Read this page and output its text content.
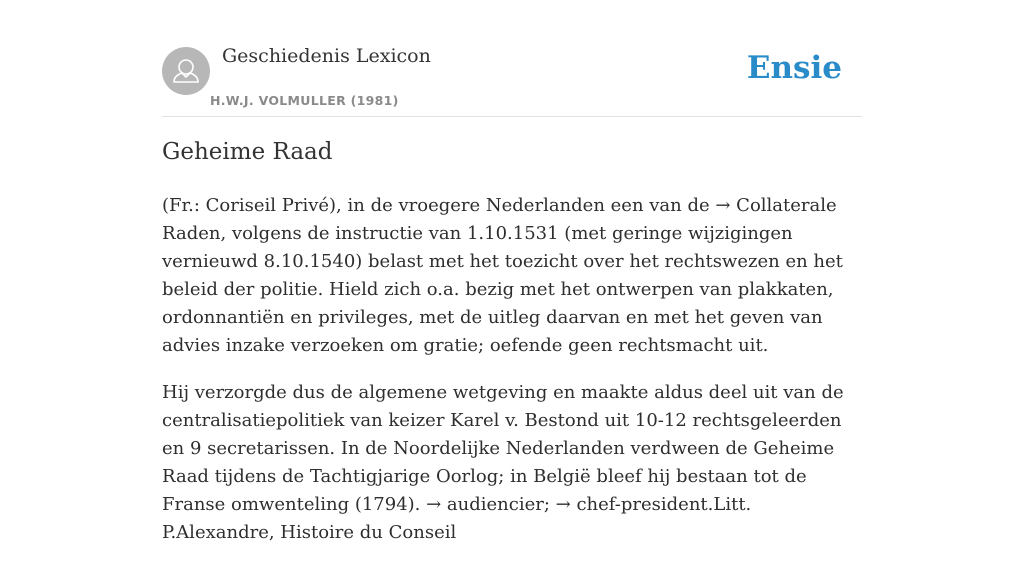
Geschiedenis Lexicon
H.W.J. VOLMULLER (1981)
Ensie
Geheime Raad

(Fr.: Coriseil Privé), in de vroegere Nederlanden een van de → Collaterale Raden, volgens de instructie van 1.10.1531 (met geringe wijzigingen vernieuwd 8.10.1540) belast met het toezicht over het rechtswezen en het beleid der politie. Hield zich o.a. bezig met het ontwerpen van plakkaten, ordonnantiën en privileges, met de uitleg daarvan en met het geven van advies inzake verzoeken om gratie; oefende geen rechtsmacht uit.

Hij verzorgde dus de algemene wetgeving en maakte aldus deel uit van de centralisatiepolitiek van keizer Karel v. Bestond uit 10-12 rechtsgeleerden en 9 secretarissen. In de Noordelijke Nederlanden verdween de Geheime Raad tijdens de Tachtigjarige Oorlog; in België bleef hij bestaan tot de Franse omwenteling (1794). → audiencier; → chef-president.Litt. P.Alexandre, Histoire du Conseil
